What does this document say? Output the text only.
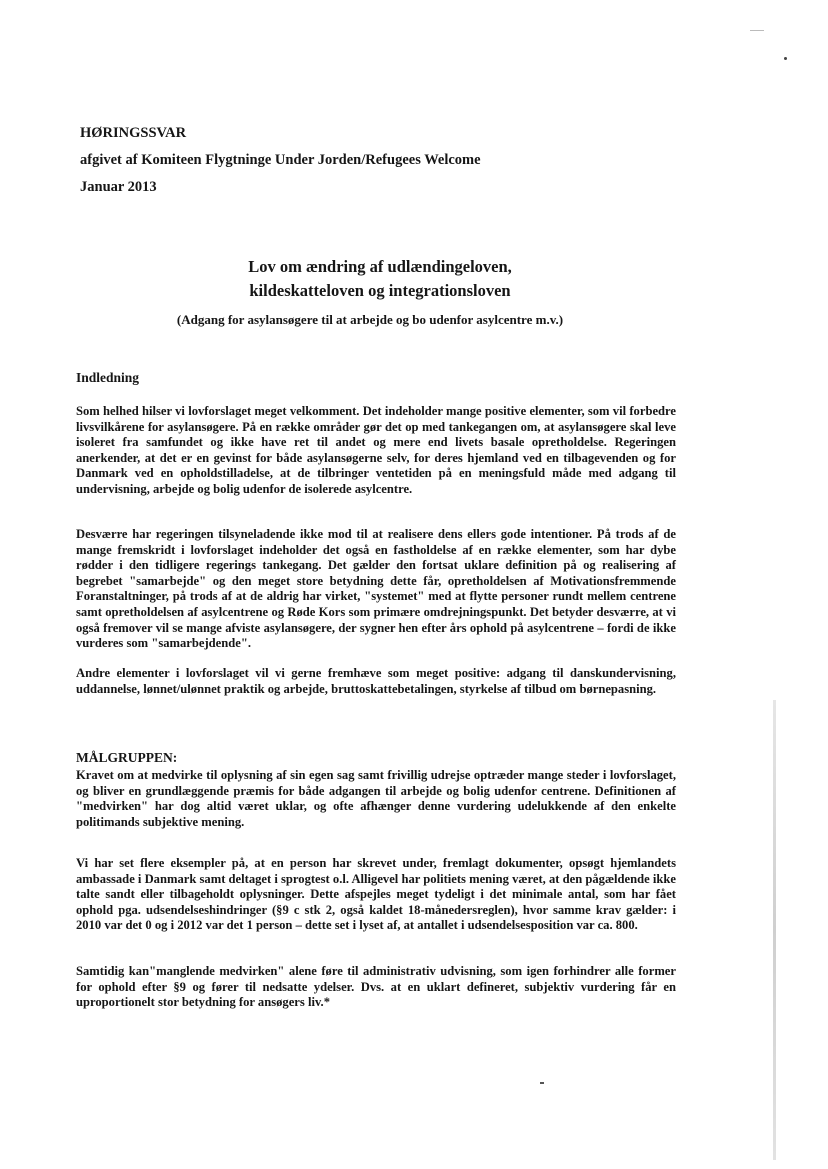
HØRINGSSVAR
afgivet af Komiteen Flygtninge Under Jorden/Refugees Welcome
Januar 2013
Lov om ændring af udlændingeloven,
kildeskatteloven og integrationsloven
(Adgang for asylansøgere til at arbejde og bo udenfor asylcentre m.v.)
Indledning
Som helhed hilser vi lovforslaget meget velkomment. Det indeholder mange positive elementer, som vil forbedre livsvilkårene for asylansøgere. På en række områder gør det op med tankegangen om, at asylansøgere skal leve isoleret fra samfundet og ikke have ret til andet og mere end livets basale opretholdelse. Regeringen anerkender, at det er en gevinst for både asylansøgerne selv, for deres hjemland ved en tilbagevenden og for Danmark ved en opholdstilladelse, at de tilbringer ventetiden på en meningsfuld måde med adgang til undervisning, arbejde og bolig udenfor de isolerede asylcentre.
Desværre har regeringen tilsyneladende ikke mod til at realisere dens ellers gode intentioner. På trods af de mange fremskridt i lovforslaget indeholder det også en fastholdelse af en række elementer, som har dybe rødder i den tidligere regerings tankegang. Det gælder den fortsat uklare definition på og realisering af begrebet "samarbejde" og den meget store betydning dette får, opretholdelsen af Motivationsfremmende Foranstaltninger, på trods af at de aldrig har virket, "systemet" med at flytte personer rundt mellem centrene samt opretholdelsen af asylcentrene og Røde Kors som primære omdrejningspunkt. Det betyder desværre, at vi også fremover vil se mange afviste asylansøgere, der sygner hen efter års ophold på asylcentrene – fordi de ikke vurderes som "samarbejdende".
Andre elementer i lovforslaget vil vi gerne fremhæve som meget positive: adgang til danskundervisning, uddannelse, lønnet/ulønnet praktik og arbejde, bruttoskattebetalingen, styrkelse af tilbud om børnepasning.
MÅLGRUPPEN:
Kravet om at medvirke til oplysning af sin egen sag samt frivillig udrejse optræder mange steder i lovforslaget, og bliver en grundlæggende præmis for både adgangen til arbejde og bolig udenfor centrene. Definitionen af "medvirken" har dog altid været uklar, og ofte afhænger denne vurdering udelukkende af den enkelte politimands subjektive mening.
Vi har set flere eksempler på, at en person har skrevet under, fremlagt dokumenter, opsøgt hjemlandets ambassade i Danmark samt deltaget i sprogtest o.l. Alligevel har politiets mening været, at den pågældende ikke talte sandt eller tilbageholdt oplysninger. Dette afspejles meget tydeligt i det minimale antal, som har fået ophold pga. udsendelseshindringer (§9 c stk 2, også kaldet 18-månedersreglen), hvor samme krav gælder: i 2010 var det 0 og i 2012 var det 1 person – dette set i lyset af, at antallet i udsendelsesposition var ca. 800.
Samtidig kan"manglende medvirken" alene føre til administrativ udvisning, som igen forhindrer alle former for ophold efter §9 og fører til nedsatte ydelser. Dvs. at en uklart defineret, subjektiv vurdering får en uproportionelt stor betydning for ansøgers liv.*
